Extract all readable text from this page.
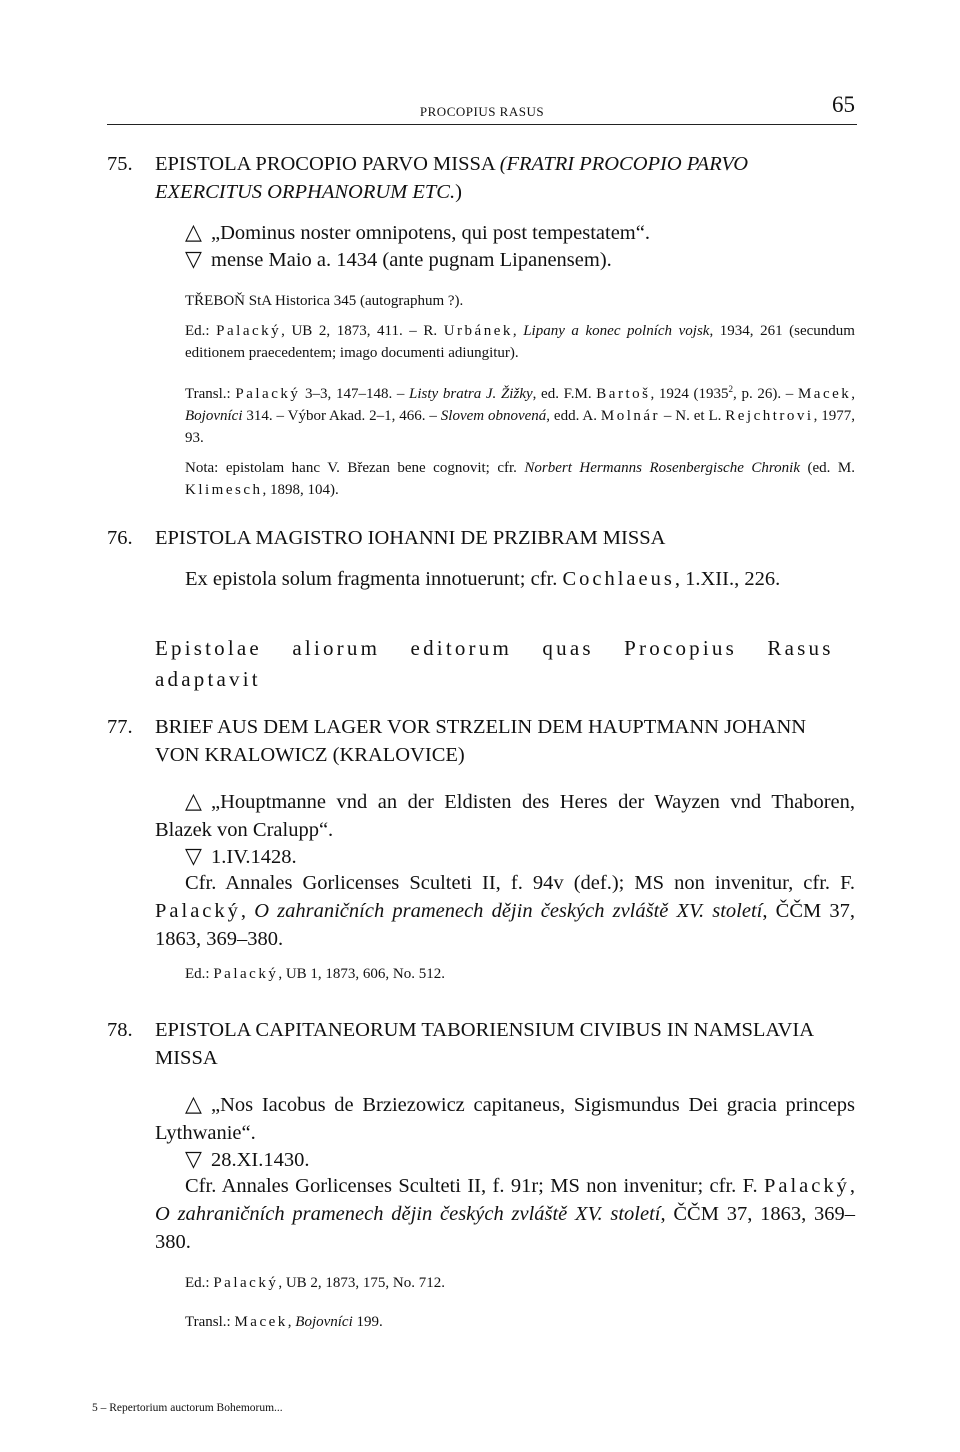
PROCOPIUS RASUS	65
75. EPISTOLA PROCOPIO PARVO MISSA (FRATRI PROCOPIO PARVO EXERCITUS ORPHANORUM ETC.)
△ „Dominus noster omnipotens, qui post tempestatem“.
▽ mense Maio a. 1434 (ante pugnam Lipanensem).
TŘEBOŇ StA Historica 345 (autographum ?).
Ed.: Palacký, UB 2, 1873, 411. – R. Urbánek, Lipany a konec polních vojsk, 1934, 261 (secundum editionem praecedentem; imago documenti adiungitur).
Transl.: Palacký 3–3, 147–148. – Listy bratra J. Žižky, ed. F.M. Bartoš, 1924 (1935$^2$, p. 26). – Macek, Bojovníci 314. – Výbor Akad. 2–1, 466. – Slovem obnovená, edd. A. Molnár – N. et L. Rejchtrovi, 1977, 93.
Nota: epistolam hanc V. Březan bene cognovit; cfr. Norbert Hermanns Rosenbergische Chronik (ed. M. Klimesch, 1898, 104).
76. EPISTOLA MAGISTRO IOHANNI DE PRZIBRAM MISSA
Ex epistola solum fragmenta innotuerunt; cfr. Cochlaeus, 1.XII., 226.
Epistolae aliorum editorum quas Procopius Rasus adaptavit
77. BRIEF AUS DEM LAGER VOR STRZELIN DEM HAUPTMANN JOHANN VON KRALOWICZ (KRALOVICE)
△ „Houptmanne vnd an der Eldisten des Heres der Wayzen vnd Thaboren, Blazek von Cralupp“.
▽ 1.IV.1428.
Cfr. Annales Gorlicenses Sculteti II, f. 94v (def.); MS non invenitur, cfr. F. Palacký, O zahraničních pramenech dějin českých zvláště XV. století, ČČM 37, 1863, 369–380.
Ed.: Palacký, UB 1, 1873, 606, No. 512.
78. EPISTOLA CAPITANEORUM TABORIENSIUM CIVIBUS IN NAMSLAVIA MISSA
△ „Nos Iacobus de Brziezowicz capitaneus, Sigismundus Dei gracia princeps Lythwanie“.
▽ 28.XI.1430.
Cfr. Annales Gorlicenses Sculteti II, f. 91r; MS non invenitur; cfr. F. Palacký, O zahraničních pramenech dějin českých zvláště XV. století, ČČM 37, 1863, 369–380.
Ed.: Palacký, UB 2, 1873, 175, No. 712.
Transl.: Macek, Bojovníci 199.
5 – Repertorium auctorum Bohemorum...
